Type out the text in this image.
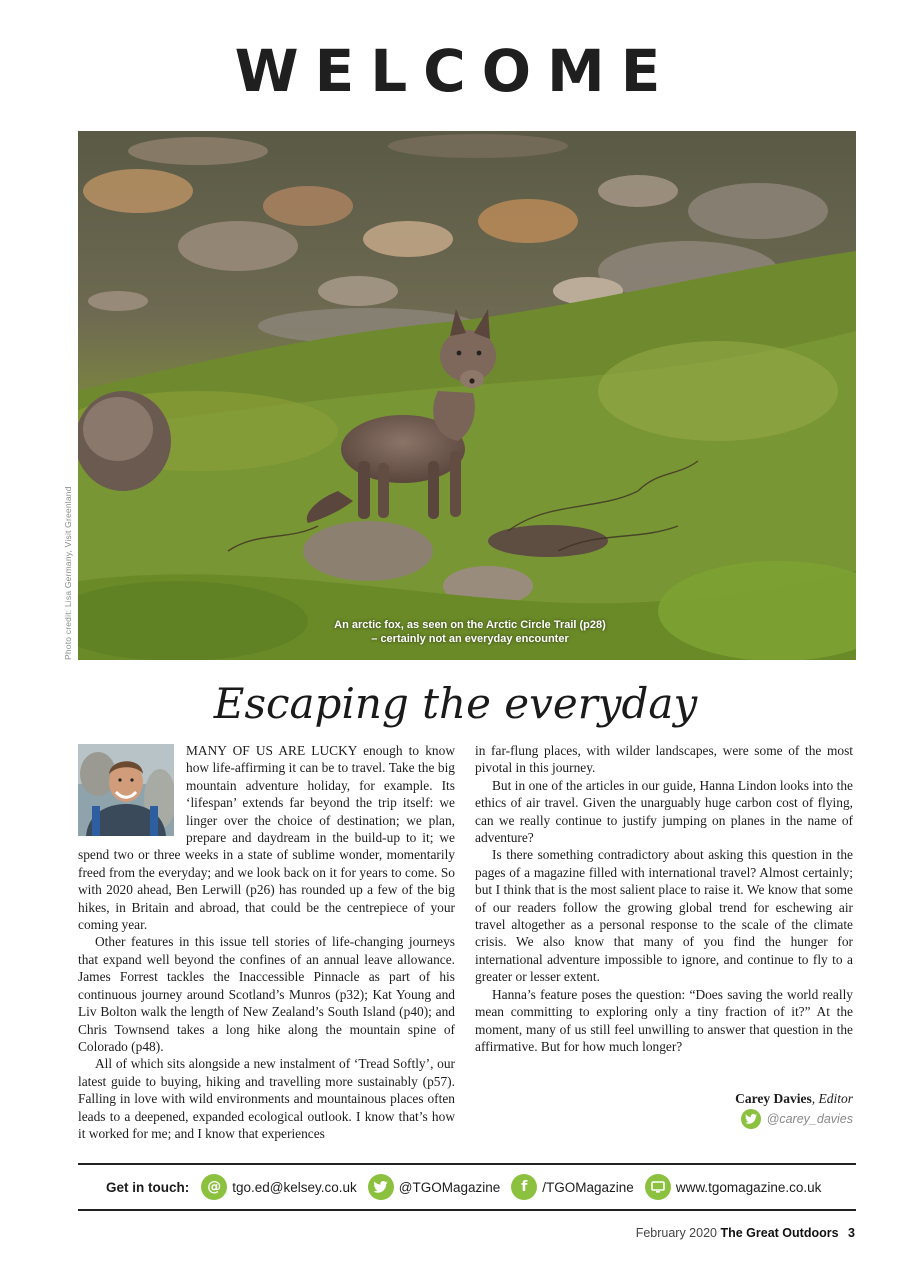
WELCOME
Photo credit: Lisa Germany, Visit Greenland	An arctic fox, as seen on the Arctic Circle Trail (p28)
– certainly not an everyday encounter
Escaping the everyday

MANY OF US ARE LUCKY enough to know how life-affirming it can be to travel. Take the big mountain adventure holiday, for example. Its ‘lifespan’ extends far beyond the trip itself: we linger over the choice of destination; we plan, prepare and daydream in the build-up to it; we spend two or three weeks in a state of sublime wonder, momentarily freed from the everyday; and we look back on it for years to come. So with 2020 ahead, Ben Lerwill (p26) has rounded up a few of the big hikes, in Britain and abroad, that could be the centrepiece of your coming year.

Other features in this issue tell stories of life-changing journeys that expand well beyond the confines of an annual leave allowance. James Forrest tackles the Inaccessible Pinnacle as part of his continuous journey around Scotland’s Munros (p32); Kat Young and Liv Bolton walk the length of New Zealand’s South Island (p40); and Chris Townsend takes a long hike along the mountain spine of Colorado (p48).

All of which sits alongside a new instalment of ‘Tread Softly’, our latest guide to buying, hiking and travelling more sustainably (p57). Falling in love with wild environments and mountainous places often leads to a deepened, expanded ecological outlook. I know that’s how it worked for me; and I know that experiences

in far-flung places, with wilder landscapes, were some of the most pivotal in this journey.

But in one of the articles in our guide, Hanna Lindon looks into the ethics of air travel. Given the unarguably huge carbon cost of flying, can we really continue to justify jumping on planes in the name of adventure?

Is there something contradictory about asking this question in the pages of a magazine filled with international travel? Almost certainly; but I think that is the most salient place to raise it. We know that some of our readers follow the growing global trend for eschewing air travel altogether as a personal response to the scale of the climate crisis. We also know that many of you find the hunger for international adventure impossible to ignore, and continue to fly to a greater or lesser extent.

Hanna’s feature poses the question: “Does saving the world really mean committing to exploring only a tiny fraction of it?” At the moment, many of us still feel unwilling to answer that question in the affirmative. But for how much longer?

Carey Davies, Editor
@carey_davies
Get in touch:	@ tgo.ed@kelsey.co.uk	@TGOMagazine	f	/TGOMagazine	www.tgomagazine.co.uk
February 2020 The Great Outdoors 3
